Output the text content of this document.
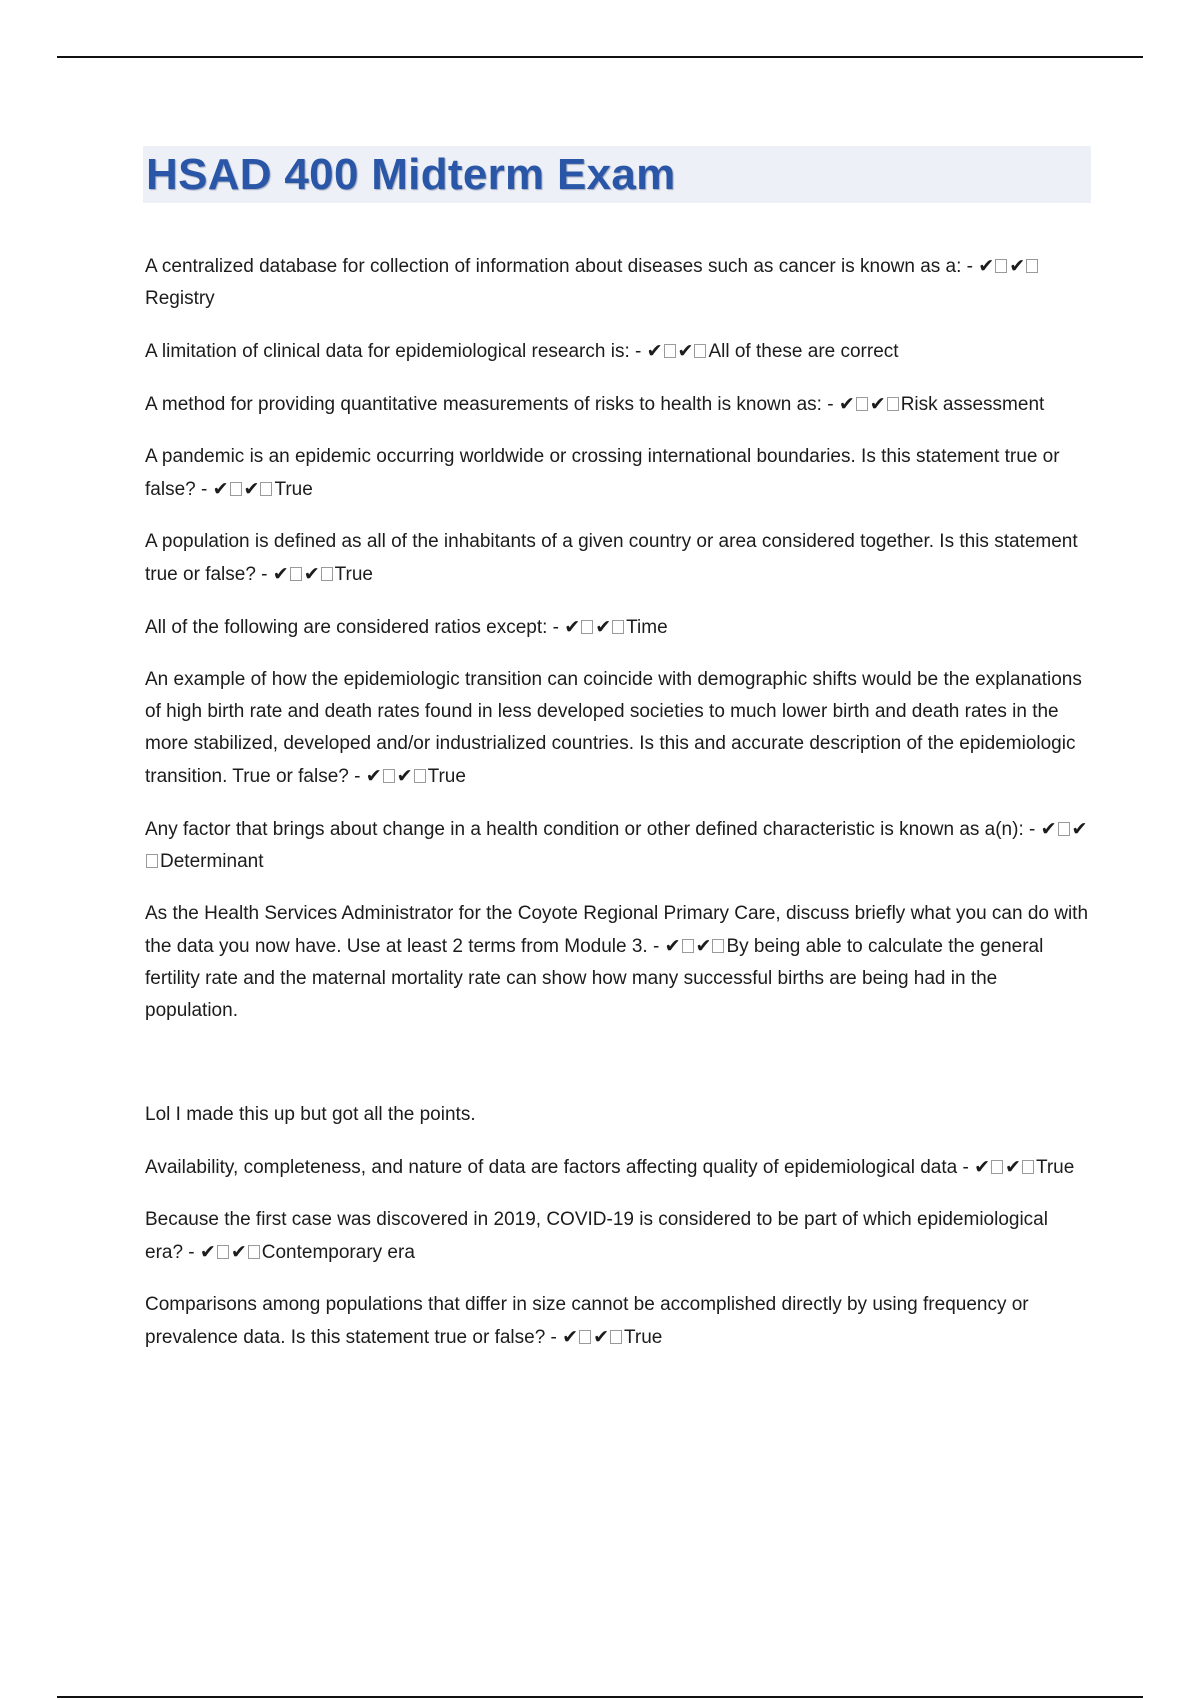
HSAD 400 Midterm Exam

A centralized database for collection of information about diseases such as cancer is known as a: - ✔ ✔Registry

A limitation of clinical data for epidemiological research is: - ✔ ✔ All of these are correct

A method for providing quantitative measurements of risks to health is known as: - ✔ ✔ Risk assessment

A pandemic is an epidemic occurring worldwide or crossing international boundaries. Is this statement true or false? - ✔ ✔ True

A population is defined as all of the inhabitants of a given country or area considered together. Is this statement true or false? - ✔ ✔ True

All of the following are considered ratios except: - ✔ ✔ Time

An example of how the epidemiologic transition can coincide with demographic shifts would be the explanations of high birth rate and death rates found in less developed societies to much lower birth and death rates in the more stabilized, developed and/or industrialized countries. Is this and accurate description of the epidemiologic transition. True or false? - ✔ ✔ True

Any factor that brings about change in a health condition or other defined characteristic is known as a(n): - ✔ ✔Determinant

As the Health Services Administrator for the Coyote Regional Primary Care, discuss briefly what you can do with the data you now have. Use at least 2 terms from Module 3. - ✔ ✔ By being able to calculate the general fertility rate and the maternal mortality rate can show how many successful births are being had in the population.

Lol I made this up but got all the points.

Availability, completeness, and nature of data are factors affecting quality of epidemiological data - ✔ ✔ True

Because the first case was discovered in 2019, COVID-19 is considered to be part of which epidemiological era? - ✔ ✔ Contemporary era

Comparisons among populations that differ in size cannot be accomplished directly by using frequency or prevalence data. Is this statement true or false? - ✔ ✔ True
